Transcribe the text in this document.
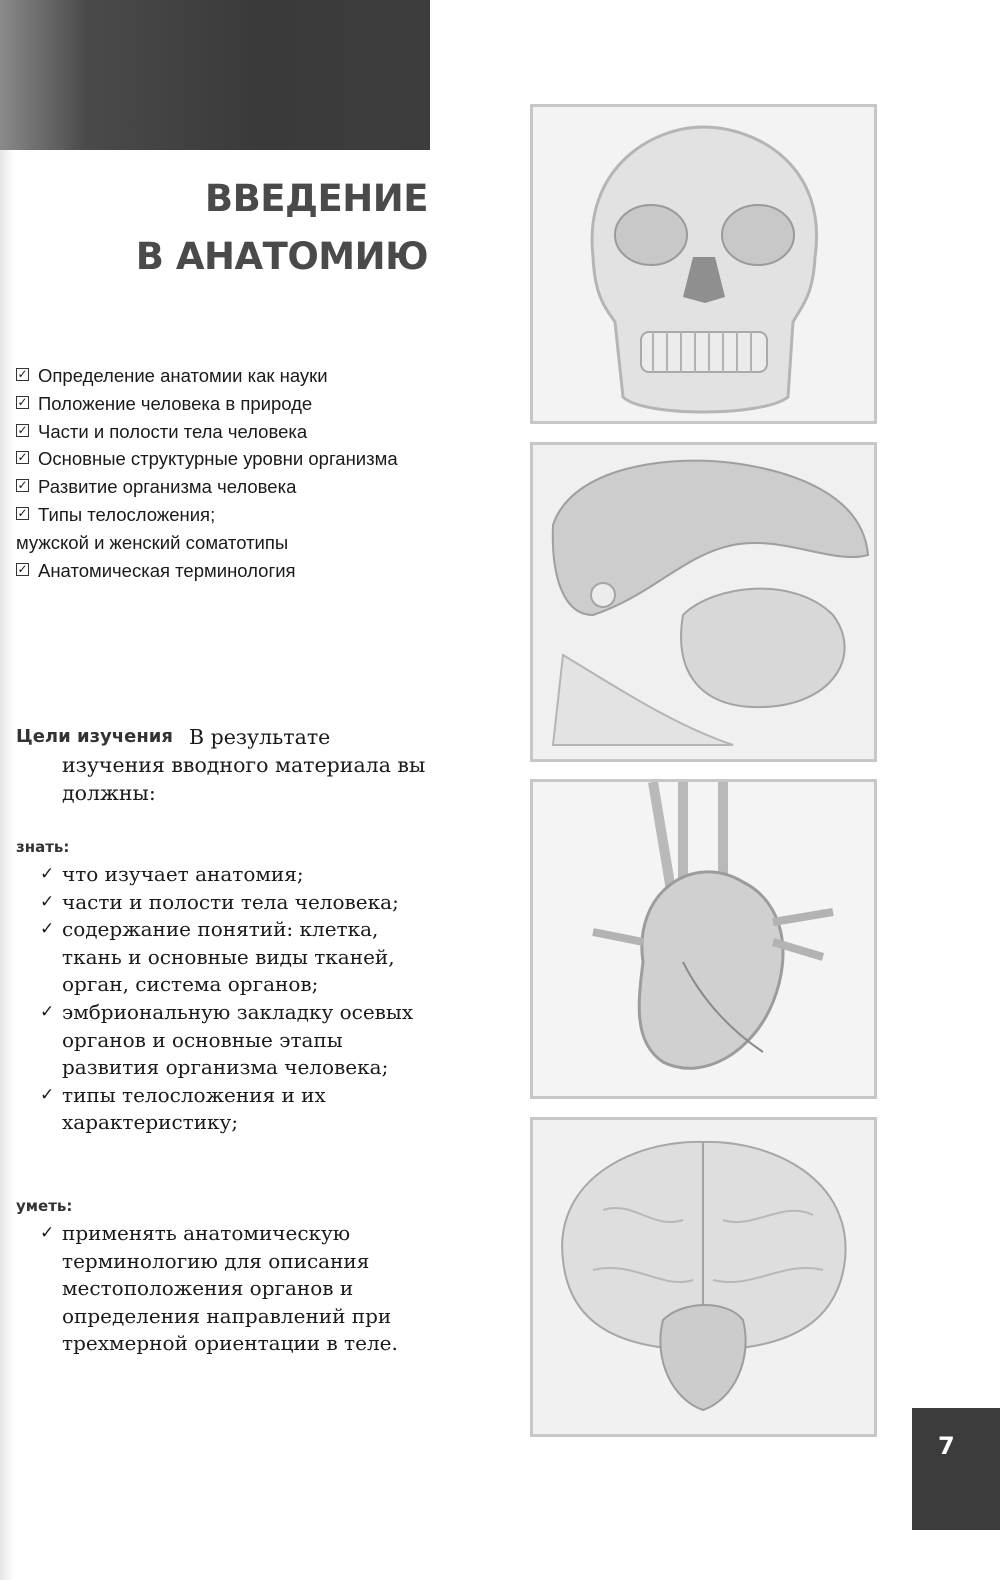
ВВЕДЕНИЕ
В АНАТОМИЮ
✓ Определение анатомии как науки
✓ Положение человека в природе
✓ Части и полости тела человека
✓ Основные структурные уровни организма
✓ Развитие организма человека
✓ Типы телосложения;
мужской и женский соматотипы
✓ Анатомическая терминология
Цели изучения В результате изучения вводного материала вы должны:
знать:
✓ что изучает анатомия;
✓ части и полости тела человека;
✓ содержание понятий: клетка, ткань и основные виды тканей, орган, система органов;
✓ эмбриональную закладку осевых органов и основные этапы развития организма человека;
✓ типы телосложения и их характеристику;
уметь:
✓ применять анатомическую терминологию для описания местоположения органов и определения направлений при трехмерной ориентации в теле.
7
